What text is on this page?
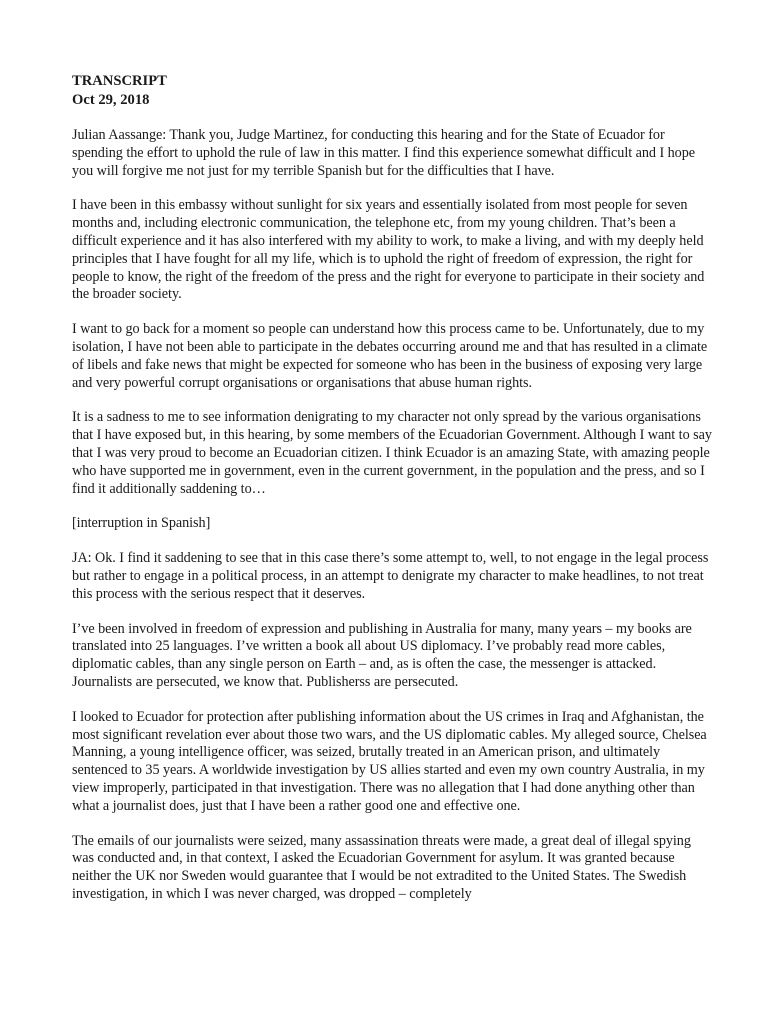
TRANSCRIPT

Oct 29, 2018

Julian Aassange: Thank you, Judge Martinez, for conducting this hearing and for the State of Ecuador for spending the effort to uphold the rule of law in this matter. I find this experience somewhat difficult and I hope you will forgive me not just for my terrible Spanish but for the difficulties that I have.

I have been in this embassy without sunlight for six years and essentially isolated from most people for seven months and, including electronic communication, the telephone etc, from my young children. That’s been a difficult experience and it has also interfered with my ability to work, to make a living, and with my deeply held principles that I have fought for all my life, which is to uphold the right of freedom of expression, the right for people to know, the right of the freedom of the press and the right for everyone to participate in their society and the broader society.

I want to go back for a moment so people can understand how this process came to be. Unfortunately, due to my isolation, I have not been able to participate in the debates occurring around me and that has resulted in a climate of libels and fake news that might be expected for someone who has been in the business of exposing very large and very powerful corrupt organisations or organisations that abuse human rights.

It is a sadness to me to see information denigrating to my character not only spread by the various organisations that I have exposed but, in this hearing, by some members of the Ecuadorian Government. Although I want to say that I was very proud to become an Ecuadorian citizen. I think Ecuador is an amazing State, with amazing people who have supported me in government, even in the current government, in the population and the press, and so I find it additionally saddening to…

[interruption in Spanish]

JA: Ok. I find it saddening to see that in this case there’s some attempt to, well, to not engage in the legal process but rather to engage in a political process, in an attempt to denigrate my character to make headlines, to not treat this process with the serious respect that it deserves.

I’ve been involved in freedom of expression and publishing in Australia for many, many years – my books are translated into 25 languages. I’ve written a book all about US diplomacy. I’ve probably read more cables, diplomatic cables, than any single person on Earth – and, as is often the case, the messenger is attacked. Journalists are persecuted, we know that. Publisherss are persecuted.

I looked to Ecuador for protection after publishing information about the US crimes in Iraq and Afghanistan, the most significant revelation ever about those two wars, and the US diplomatic cables. My alleged source, Chelsea Manning, a young intelligence officer, was seized, brutally treated in an American prison, and ultimately sentenced to 35 years. A worldwide investigation by US allies started and even my own country Australia, in my view improperly, participated in that investigation. There was no allegation that I had done anything other than what a journalist does, just that I have been a rather good one and effective one.

The emails of our journalists were seized, many assassination threats were made, a great deal of illegal spying was conducted and, in that context, I asked the Ecuadorian Government for asylum. It was granted because neither the UK nor Sweden would guarantee that I would be not extradited to the United States. The Swedish investigation, in which I was never charged, was dropped – completely
